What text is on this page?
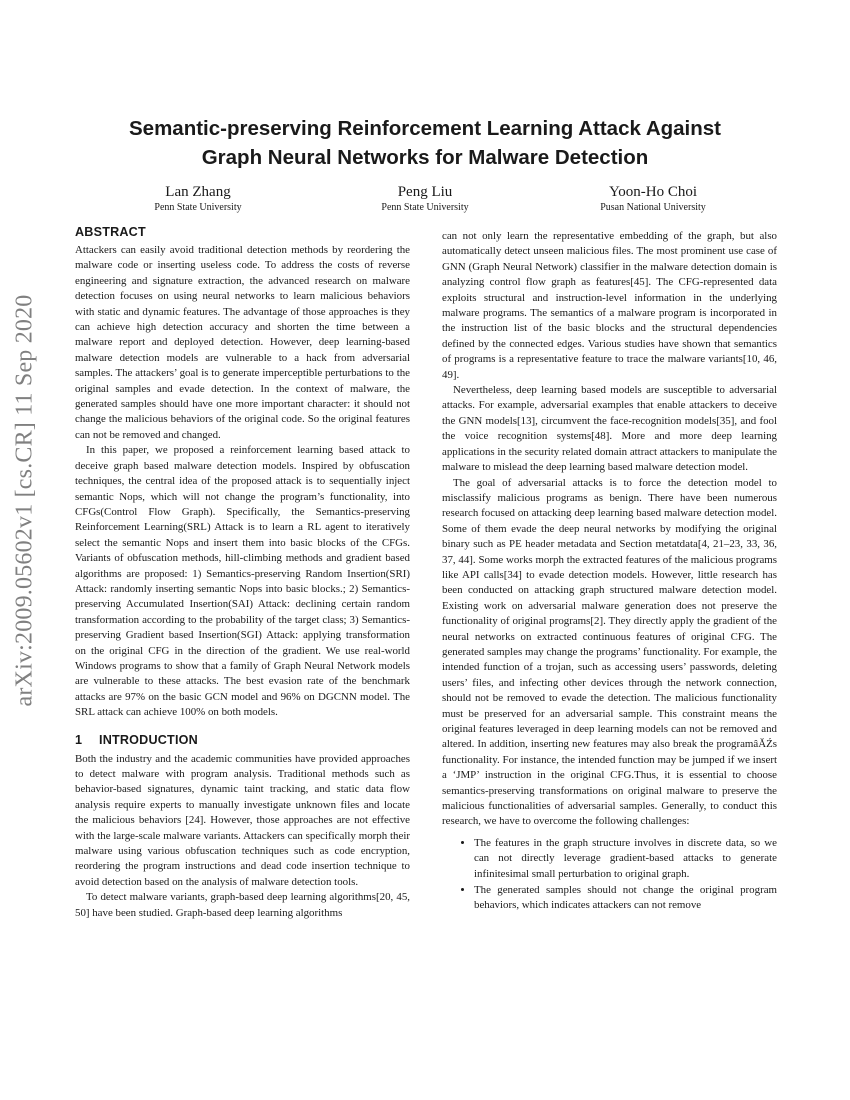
arXiv:2009.05602v1 [cs.CR] 11 Sep 2020
Semantic-preserving Reinforcement Learning Attack Against
Graph Neural Networks for Malware Detection
Lan Zhang
Penn State University
Peng Liu
Penn State University
Yoon-Ho Choi
Pusan National University
ABSTRACT

Attackers can easily avoid traditional detection methods by reordering the malware code or inserting useless code. To address the costs of reverse engineering and signature extraction, the advanced research on malware detection focuses on using neural networks to learn malicious behaviors with static and dynamic features. The advantage of those approaches is they can achieve high detection accuracy and shorten the time between a malware report and deployed detection. However, deep learning-based malware detection models are vulnerable to a hack from adversarial samples. The attackers’ goal is to generate imperceptible perturbations to the original samples and evade detection. In the context of malware, the generated samples should have one more important character: it should not change the malicious behaviors of the original code. So the original features can not be removed and changed.

In this paper, we proposed a reinforcement learning based attack to deceive graph based malware detection models. Inspired by obfuscation techniques, the central idea of the proposed attack is to sequentially inject semantic Nops, which will not change the program’s functionality, into CFGs(Control Flow Graph). Specifically, the Semantics-preserving Reinforcement Learning(SRL) Attack is to learn a RL agent to iteratively select the semantic Nops and insert them into basic blocks of the CFGs. Variants of obfuscation methods, hill-climbing methods and gradient based algorithms are proposed: 1) Semantics-preserving Random Insertion(SRI) Attack: randomly inserting semantic Nops into basic blocks.; 2) Semantics-preserving Accumulated Insertion(SAI) Attack: declining certain random transformation according to the probability of the target class; 3) Semantics-preserving Gradient based Insertion(SGI) Attack: applying transformation on the original CFG in the direction of the gradient. We use real-world Windows programs to show that a family of Graph Neural Network models are vulnerable to these attacks. The best evasion rate of the benchmark attacks are 97% on the basic GCN model and 96% on DGCNN model. The SRL attack can achieve 100% on both models.

1 INTRODUCTION

Both the industry and the academic communities have provided approaches to detect malware with program analysis. Traditional methods such as behavior-based signatures, dynamic taint tracking, and static data flow analysis require experts to manually investigate unknown files and locate the malicious behaviors [24]. However, those approaches are not effective with the large-scale malware variants. Attackers can specifically morph their malware using various obfuscation techniques such as code encryption, reordering the program instructions and dead code insertion technique to avoid detection based on the analysis of malware detection tools.

To detect malware variants, graph-based deep learning algorithms[20, 45, 50] have been studied. Graph-based deep learning algorithms

can not only learn the representative embedding of the graph, but also automatically detect unseen malicious files. The most prominent use case of GNN (Graph Neural Network) classifier in the malware detection domain is analyzing control flow graph as features[45]. The CFG-represented data exploits structural and instruction-level information in the underlying malware programs. The semantics of a malware program is incorporated in the instruction list of the basic blocks and the structural dependencies defined by the connected edges. Various studies have shown that semantics of programs is a representative feature to trace the malware variants[10, 46, 49].

Nevertheless, deep learning based models are susceptible to adversarial attacks. For example, adversarial examples that enable attackers to deceive the GNN models[13], circumvent the face-recognition models[35], and fool the voice recognition systems[48]. More and more deep learning applications in the security related domain attract attackers to manipulate the malware to mislead the deep learning based malware detection model.

The goal of adversarial attacks is to force the detection model to misclassify malicious programs as benign. There have been numerous research focused on attacking deep learning based malware detection model. Some of them evade the deep neural networks by modifying the original binary such as PE header metadata and Section metatdata[4, 21–23, 33, 36, 37, 44]. Some works morph the extracted features of the malicious programs like API calls[34] to evade detection models. However, little research has been conducted on attacking graph structured malware detection model. Existing work on adversarial malware generation does not preserve the functionality of original programs[2]. They directly apply the gradient of the neural networks on extracted continuous features of original CFG. The generated samples may change the programs’ functionality. For example, the intended function of a trojan, such as accessing users’ passwords, deleting users’ files, and infecting other devices through the network connection, should not be removed to evade the detection. The malicious functionality must be preserved for an adversarial sample. This constraint means the original features leveraged in deep learning models can not be removed and altered. In addition, inserting new features may also break the programâĂŹs functionality. For instance, the intended function may be jumped if we insert a ‘JMP’ instruction in the original CFG.Thus, it is essential to choose semantics-preserving transformations on original malware to preserve the malicious functionalities of adversarial samples. Generally, to conduct this research, we have to overcome the following challenges:

• The features in the graph structure involves in discrete data, so we can not directly leverage gradient-based attacks to generate infinitesimal small perturbation to original graph.
• The generated samples should not change the original program behaviors, which indicates attackers can not remove
